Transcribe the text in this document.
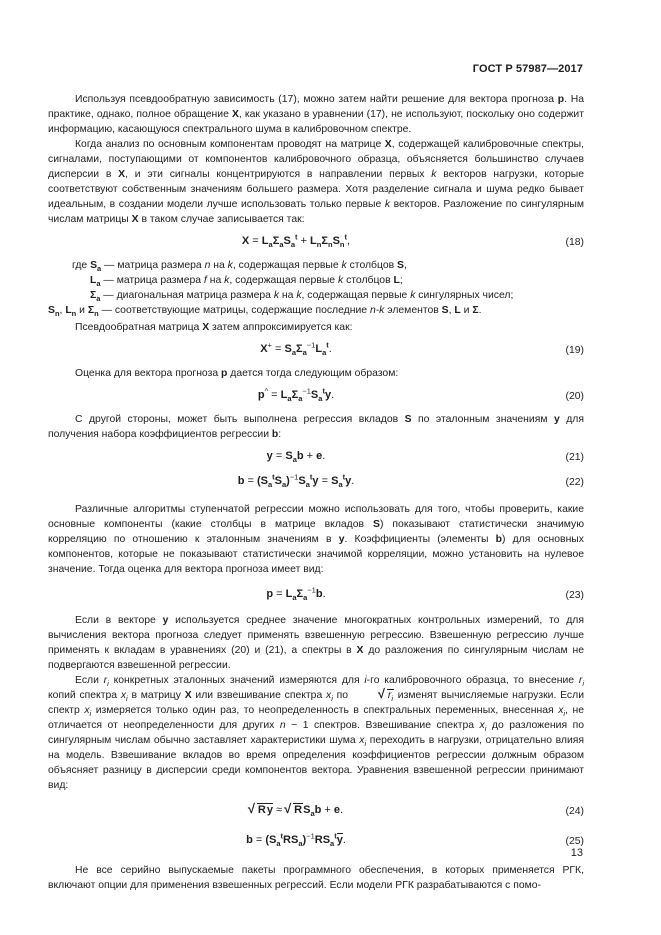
ГОСТ Р 57987—2017

Используя псевдообратную зависимость (17), можно затем найти решение для вектора прогноза p. На практике, однако, полное обращение X, как указано в уравнении (17), не используют, поскольку оно содержит информацию, касающуюся спектрального шума в калибровочном спектре.

Когда анализ по основным компонентам проводят на матрице X, содержащей калибровочные спектры, сигналами, поступающими от компонентов калибровочного образца, объясняется большинство случаев дисперсии в X, и эти сигналы концентрируются в направлении первых k векторов нагрузки, которые соответствуют собственным значениям большего размера. Хотя разделение сигнала и шума редко бывает идеальным, в создании модели лучше использовать только первые k векторов. Разложение по сингулярным числам матрицы X в таком случае записывается так:

$X = L_a\Sigma_aS_a^t + L_n\Sigma_nS_n^t$,	(18)
где $S_a$ — матрица размера n на k, содержащая первые k столбцов S,
$L_a$ — матрица размера f на k, содержащая первые k столбцов L;
$\Sigma_a$ — диагональная матрица размера k на k, содержащая первые k сингулярных чисел;
$S_n$, $L_n$ и $\Sigma_n$ — соответствующие матрицы, содержащие последние n-k элементов S, L и Σ.

Псевдообратная матрица X затем аппроксимируется как:

$X^+ = S_a\Sigma_a^{-1}L_a^t$.	(19)

Оценка для вектора прогноза p дается тогда следующим образом:

$p^{\^{}} = L_a\Sigma_a^{-1}S_a^ty$.	(20)

С другой стороны, может быть выполнена регрессия вкладов S по эталонным значениям y для получения набора коэффициентов регрессии b:

$y = S_ab + e$.	(21)
$b = (S_a^tS_a)^{-1}S_a^ty = S_a^ty$.	(22)

Различные алгоритмы ступенчатой регрессии можно использовать для того, чтобы проверить, какие основные компоненты (какие столбцы в матрице вкладов S) показывают статистически значимую корреляцию по отношению к эталонным значениям в y. Коэффициенты (элементы b) для основных компонентов, которые не показывают статистически значимой корреляции, можно установить на нулевое значение. Тогда оценка для вектора прогноза имеет вид:

$p = L_a\Sigma_a^{-1}b$.	(23)

Если в векторе y используется среднее значение многократных контрольных измерений, то для вычисления вектора прогноза следует применять взвешенную регрессию. Взвешенную регрессию лучше применять к вкладам в уравнениях (20) и (21), а спектры в X до разложения по сингулярным числам не подвергаются взвешенной регрессии.

Если $r_i$ конкретных эталонных значений измеряются для i-го калибровочного образца, то внесение $r_i$ копий спектра $x_i$ в матрицу X или взвешивание спектра $x_i$ по √	$r_i$ изменят вычисляемые нагрузки. Если спектр $x_i$ измеряется только один раз, то неопределенность в спектральных переменных, внесенная $x_i$, не отличается от неопределенности для других n − 1 спектров. Взвешивание спектра $x_i$ до разложения по сингулярным числам обычно заставляет характеристики шума $x_i$ переходить в нагрузки, отрицательно влияя на модель. Взвешивание вкладов во время определения коэффициентов регрессии должным образом объясняет разницу в дисперсии среди компонентов вектора. Уравнения взвешенной регрессии принимают вид:

√ Ry ≈ √ $RS_ab + e$.	(24)
$b = (S_a^tRS_a)^{-1}RS_a^ty$.	(25)

Не все серийно выпускаемые пакеты программного обеспечения, в которых применяется РГК, включают опции для применения взвешенных регрессий. Если модели РГК разрабатываются с помо-

13
